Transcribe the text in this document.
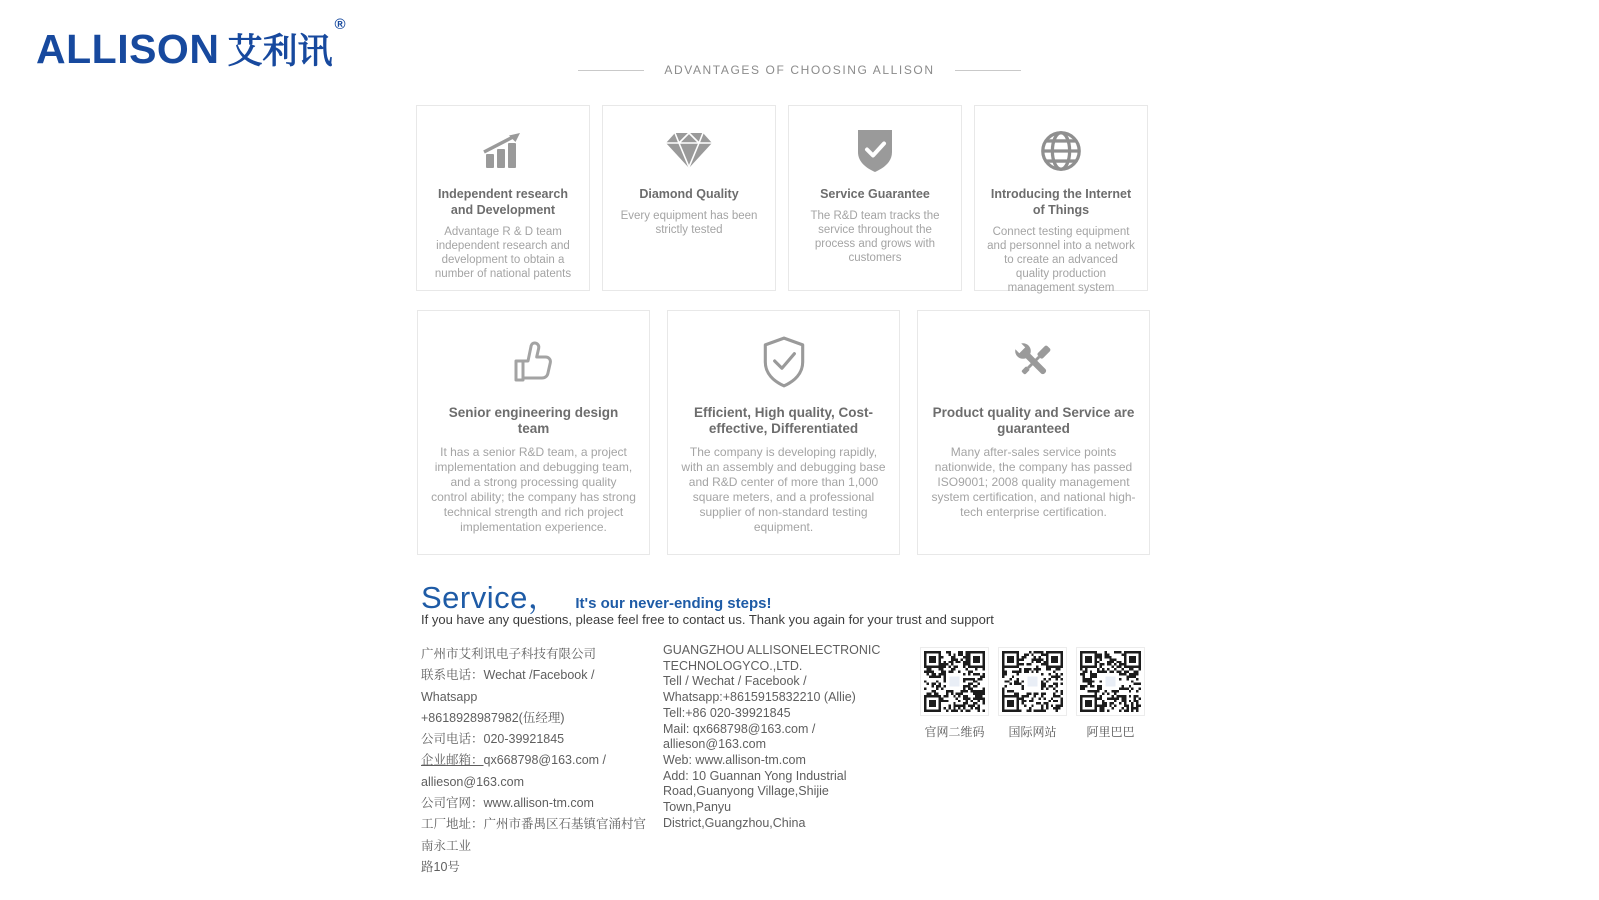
ALLISON 艾利讯®
ADVANTAGES OF CHOOSING ALLISON
Independent research and Development
Advantage R & D team independent research and development to obtain a number of national patents
Diamond Quality
Every equipment has been strictly tested
Service Guarantee
The R&D team tracks the service throughout the process and grows with customers
Introducing the Internet of Things
Connect testing equipment and personnel into a network to create an advanced quality production management system
Senior engineering design team
It has a senior R&D team, a project implementation and debugging team, and a strong processing quality control ability; the company has strong technical strength and rich project implementation experience.
Efficient, High quality, Cost-effective, Differentiated
The company is developing rapidly, with an assembly and debugging base and R&D center of more than 1,000 square meters, and a professional supplier of non-standard testing equipment.
Product quality and Service are guaranteed
Many after-sales service points nationwide, the company has passed ISO9001; 2008 quality management system certification, and national high-tech enterprise certification.
Service， It's our never-ending steps!
If you have any questions, please feel free to contact us. Thank you again for your trust and support
广州市艾利讯电子科技有限公司
联系电话：Wechat /Facebook / Whatsapp
+8618928987982(伍经理)
公司电话：020-39921845
企业邮箱：qx668798@163.com /
allieson@163.com
公司官网：www.allison-tm.com
工厂地址：广州市番禺区石基镇官涌村官南永工业
路10号
GUANGZHOU ALLISONELECTRONIC
TECHNOLOGYCO.,LTD.
Tell / Wechat / Facebook /
Whatsapp:+8615915832210 (Allie)
Tell:+86 020-39921845
Mail: qx668798@163.com / allieson@163.com
Web: www.allison-tm.com
Add: 10 Guannan Yong Industrial
Road,Guanyong Village,Shijie Town,Panyu
District,Guangzhou,China
官网二维码	国际网站	阿里巴巴
